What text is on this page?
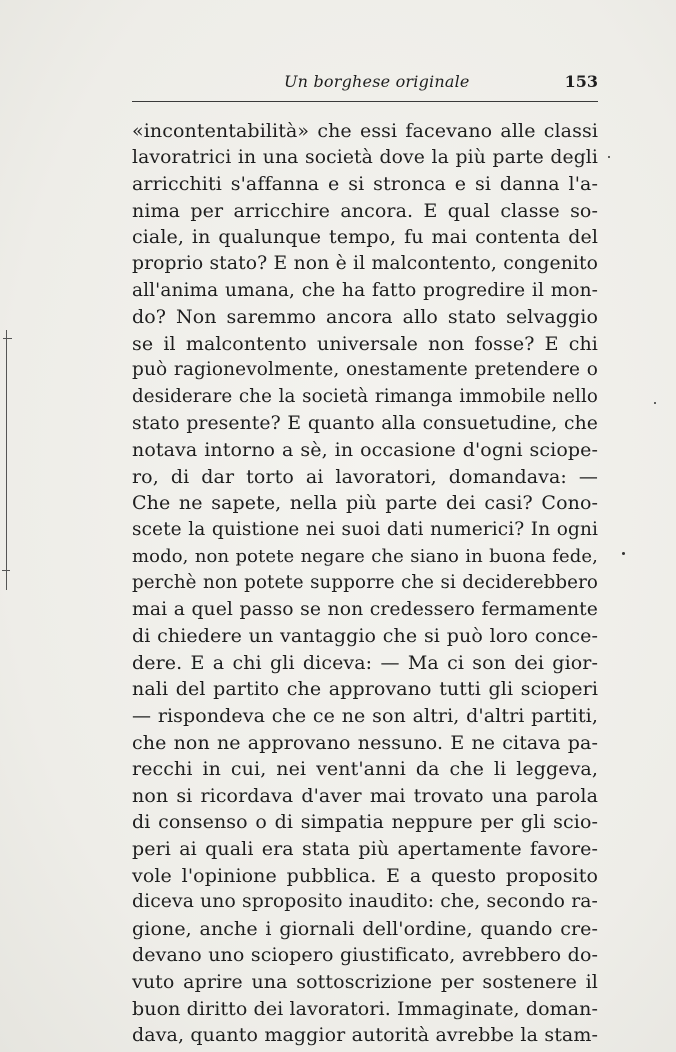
Un borghese originale	153
«incontentabilità» che essi facevano alle classi
lavoratrici in una società dove la più parte degli
arricchiti s'affanna e si stronca e si danna l'a-
nima per arricchire ancora. E qual classe so-
ciale, in qualunque tempo, fu mai contenta del
proprio stato? E non è il malcontento, congenito
all'anima umana, che ha fatto progredire il mon-
do? Non saremmo ancora allo stato selvaggio
se il malcontento universale non fosse? E chi
può ragionevolmente, onestamente pretendere o
desiderare che la società rimanga immobile nello
stato presente? E quanto alla consuetudine, che
notava intorno a sè, in occasione d'ogni sciope-
ro, di dar torto ai lavoratori, domandava: —
Che ne sapete, nella più parte dei casi? Cono-
scete la quistione nei suoi dati numerici? In ogni
modo, non potete negare che siano in buona fede,
perchè non potete supporre che si deciderebbero
mai a quel passo se non credessero fermamente
di chiedere un vantaggio che si può loro conce-
dere. E a chi gli diceva: — Ma ci son dei gior-
nali del partito che approvano tutti gli scioperi
— rispondeva che ce ne son altri, d'altri partiti,
che non ne approvano nessuno. E ne citava pa-
recchi in cui, nei vent'anni da che li leggeva,
non si ricordava d'aver mai trovato una parola
di consenso o di simpatia neppure per gli scio-
peri ai quali era stata più apertamente favore-
vole l'opinione pubblica. E a questo proposito
diceva uno sproposito inaudito: che, secondo ra-
gione, anche i giornali dell'ordine, quando cre-
devano uno sciopero giustificato, avrebbero do-
vuto aprire una sottoscrizione per sostenere il
buon diritto dei lavoratori. Immaginate, doman-
dava, quanto maggior autorità avrebbe la stam-
